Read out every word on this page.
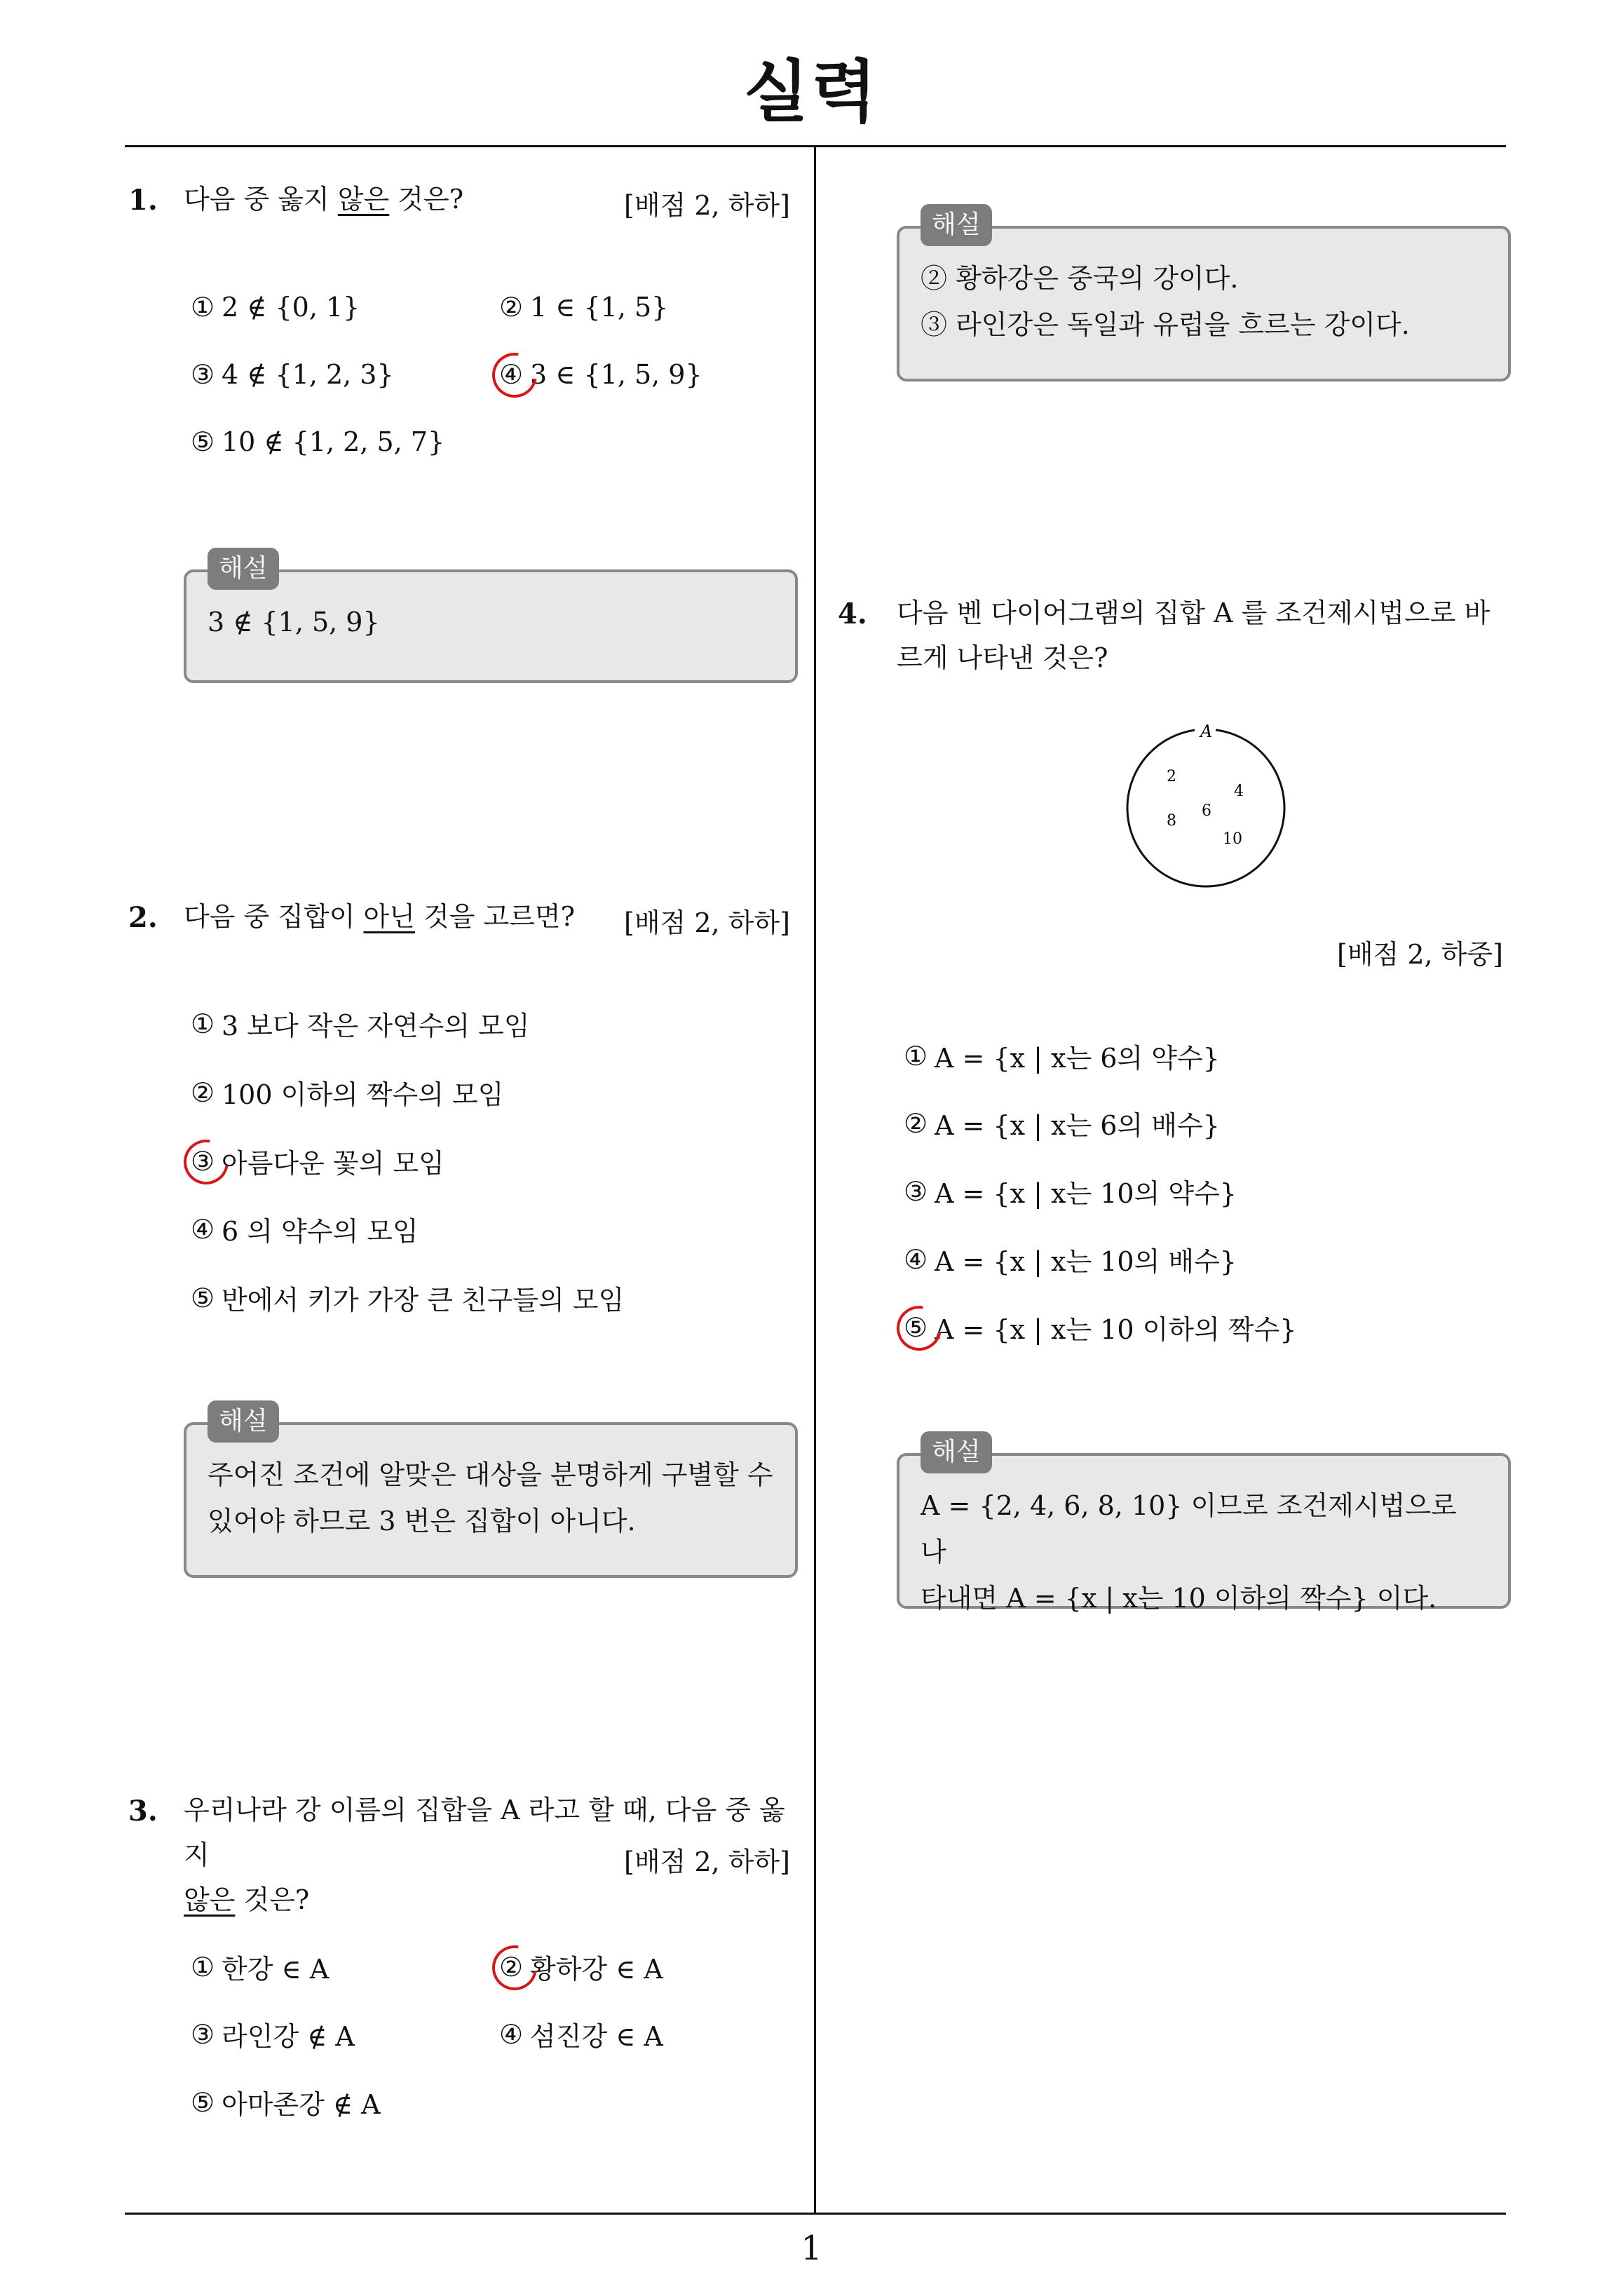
실력
1. 다음 중 옳지 않은 것은?	[배점 2, 하하]
① 2 ∉ {0, 1}	② 1 ∈ {1, 5}
③ 4 ∉ {1, 2, 3}	④ 3 ∈ {1, 5, 9}
⑤ 10 ∉ {1, 2, 5, 7}
3 ∉ {1, 5, 9}
해설
2. 다음 중 집합이 아닌 것을 고르면? [배점 2, 하하]
① 3 보다 작은 자연수의 모임
② 100 이하의 짝수의 모임
③ 아름다운 꽃의 모임
④ 6 의 약수의 모임
⑤ 반에서 키가 가장 큰 친구들의 모임
주어진 조건에 알맞은 대상을 분명하게 구별할 수
있어야 하므로 3 번은 집합이 아니다.
해설
3. 우리나라 강 이름의 집합을 A 라고 할 때, 다음 중 옳지
않은 것은?
[배점 2, 하하]
① 한강 ∈ A	② 황하강 ∈ A
③ 라인강 ∉ A	④ 섬진강 ∈ A
⑤ 아마존강 ∉ A
② 황하강은 중국의 강이다.
③ 라인강은 독일과 유럽을 흐르는 강이다.
해설
4. 다음 벤 다이어그램의 집합 A 를 조건제시법으로 바
르게 나타낸 것은?
A
2
4
6
8
10
[배점 2, 하중]
① A = {x | x는 6의 약수}
② A = {x | x는 6의 배수}
③ A = {x | x는 10의 약수}
④ A = {x | x는 10의 배수}
⑤ A = {x | x는 10 이하의 짝수}
A = {2, 4, 6, 8, 10} 이므로 조건제시법으로 나
타내면 A = {x | x는 10 이하의 짝수} 이다.
해설
1
